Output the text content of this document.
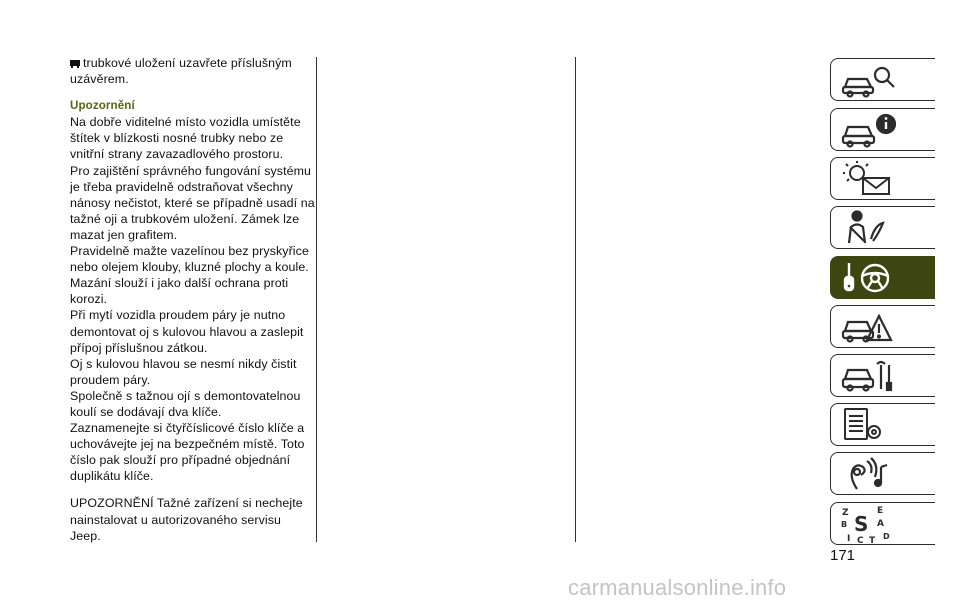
trubkové uložení uzavřete příslušným uzávěrem.

Upozornění

Na dobře viditelné místo vozidla umístěte štítek v blízkosti nosné trubky nebo ze vnitřní strany zavazadlového prostoru.

Pro zajištění správného fungování systému je třeba pravidelně odstraňovat všechny nánosy nečistot, které se případně usadí na tažné oji a trubkovém uložení. Zámek lze mazat jen grafitem.

Pravidelně mažte vazelínou bez pryskyřice nebo olejem klouby, kluzné plochy a koule. Mazání slouží i jako další ochrana proti korozi.

Při mytí vozidla proudem páry je nutno demontovat oj s kulovou hlavou a zaslepit přípoj příslušnou zátkou.

Oj s kulovou hlavou se nesmí nikdy čistit proudem páry.

Společně s tažnou ojí s demontovatelnou koulí se dodávají dva klíče.

Zaznamenejte si čtyřčíslicové číslo klíče a uchovávejte jej na bezpečném místě. Toto číslo pak slouží pro případné objednání duplikátu klíče.

UPOZORNĚNÍ Tažné zařízení si nechejte nainstalovat u autorizovaného servisu Jeep.

Z	E
S A
B
I C T D
171
carmanualsonline.info
